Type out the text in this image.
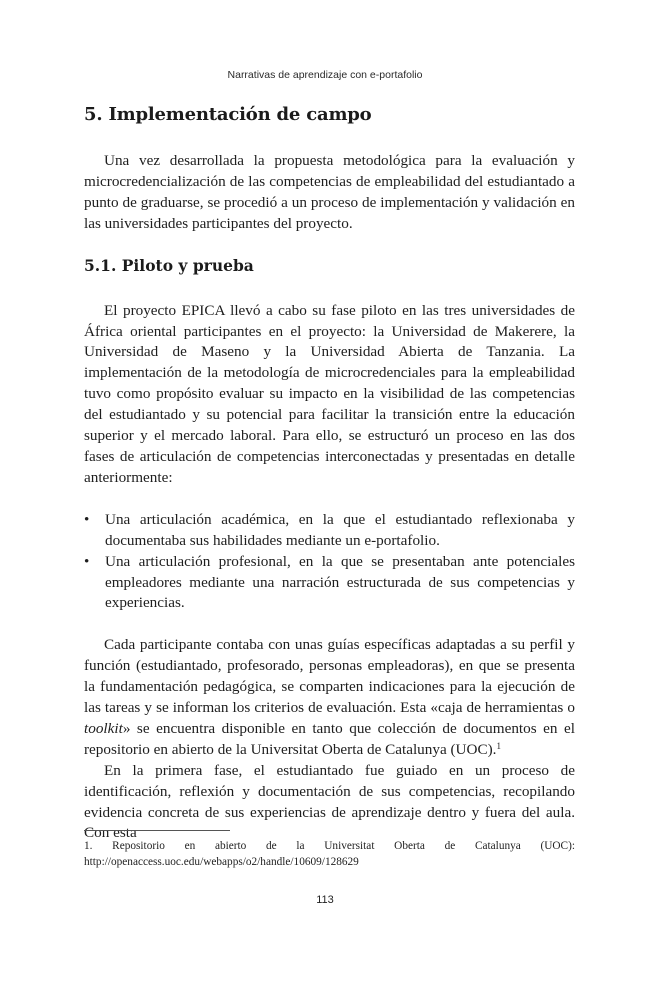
Narrativas de aprendizaje con e-portafolio
5. Implementación de campo

Una vez desarrollada la propuesta metodológica para la evaluación y microcredencialización de las competencias de empleabilidad del estudiantado a punto de graduarse, se procedió a un proceso de implementación y validación en las universidades participantes del proyecto.

5.1. Piloto y prueba

El proyecto EPICA llevó a cabo su fase piloto en las tres universidades de África oriental participantes en el proyecto: la Universidad de Makerere, la Universidad de Maseno y la Universidad Abierta de Tanzania. La implementación de la metodología de microcredenciales para la empleabilidad tuvo como propósito evaluar su impacto en la visibilidad de las competencias del estudiantado y su potencial para facilitar la transición entre la educación superior y el mercado laboral. Para ello, se estructuró un proceso en las dos fases de articulación de competencias interconectadas y presentadas en detalle anteriormente:

• Una articulación académica, en la que el estudiantado reflexionaba y documentaba sus habilidades mediante un e-portafolio.
• Una articulación profesional, en la que se presentaban ante potenciales empleadores mediante una narración estructurada de sus competencias y experiencias.

Cada participante contaba con unas guías específicas adaptadas a su perfil y función (estudiantado, profesorado, personas empleadoras), en que se presenta la fundamentación pedagógica, se comparten indicaciones para la ejecución de las tareas y se informan los criterios de evaluación. Esta «caja de herramientas o toolkit» se encuentra disponible en tanto que colección de documentos en el repositorio en abierto de la Universitat Oberta de Catalunya (UOC).$^1$

En la primera fase, el estudiantado fue guiado en un proceso de identificación, reflexión y documentación de sus competencias, recopilando evidencia concreta de sus experiencias de aprendizaje dentro y fuera del aula. Con esta

1. Repositorio en abierto de la Universitat Oberta de Catalunya (UOC): http://openaccess.uoc.edu/webapps/o2/handle/10609/128629
113
